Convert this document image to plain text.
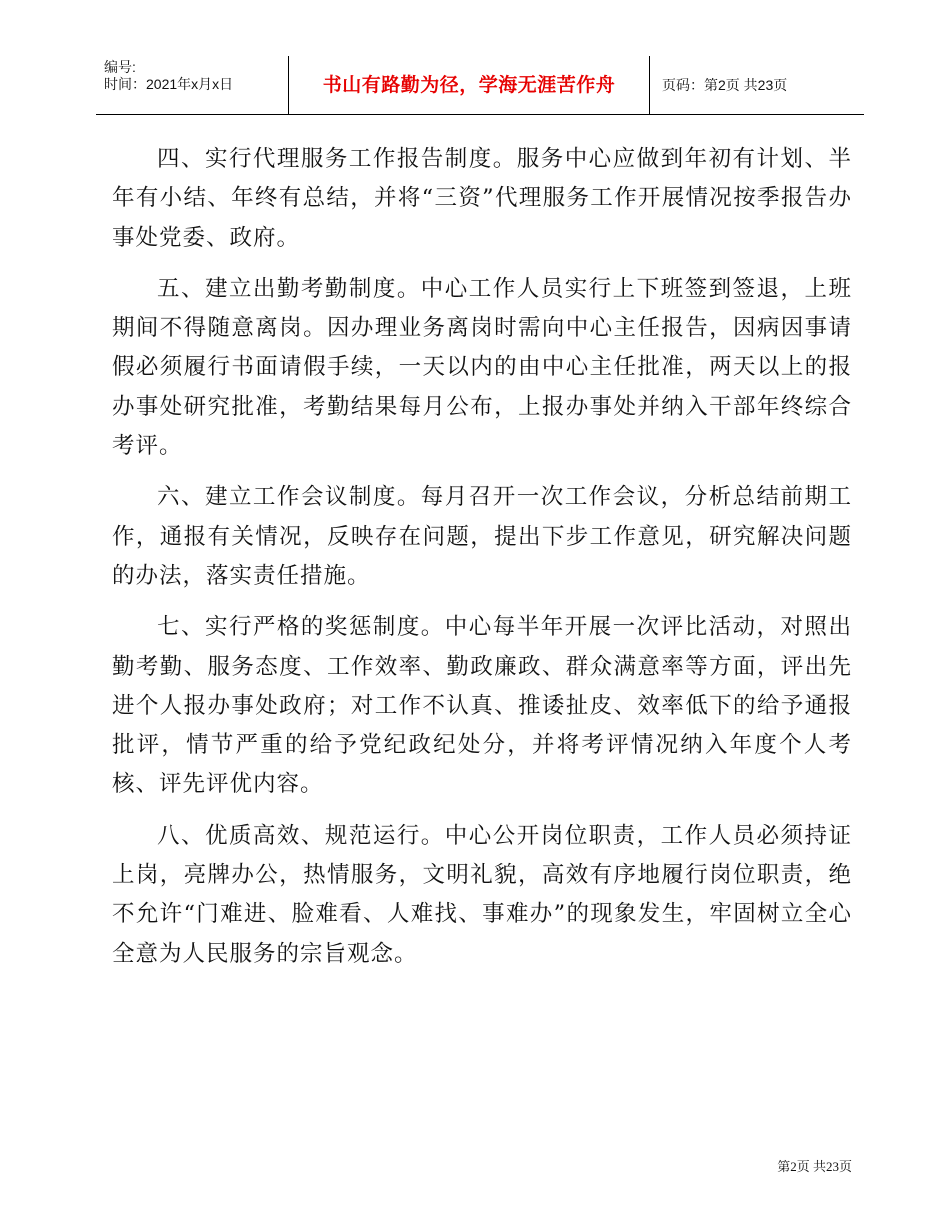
编号:
时间：2021年x月x日	书山有路勤为径，学海无涯苦作舟	页码：第2页 共23页

四、实行代理服务工作报告制度。服务中心应做到年初有计划、半年有小结、年终有总结，并将“三资”代理服务工作开展情况按季报告办事处党委、政府。

五、建立出勤考勤制度。中心工作人员实行上下班签到签退，上班期间不得随意离岗。因办理业务离岗时需向中心主任报告，因病因事请假必须履行书面请假手续，一天以内的由中心主任批准，两天以上的报办事处研究批准，考勤结果每月公布，上报办事处并纳入干部年终综合考评。

六、建立工作会议制度。每月召开一次工作会议，分析总结前期工作，通报有关情况，反映存在问题，提出下步工作意见，研究解决问题的办法，落实责任措施。

七、实行严格的奖惩制度。中心每半年开展一次评比活动，对照出勤考勤、服务态度、工作效率、勤政廉政、群众满意率等方面，评出先进个人报办事处政府；对工作不认真、推诿扯皮、效率低下的给予通报批评，情节严重的给予党纪政纪处分，并将考评情况纳入年度个人考核、评先评优内容。

八、优质高效、规范运行。中心公开岗位职责，工作人员必须持证上岗，亮牌办公，热情服务，文明礼貌，高效有序地履行岗位职责，绝不允许“门难进、脸难看、人难找、事难办”的现象发生，牢固树立全心全意为人民服务的宗旨观念。

第2页 共23页
